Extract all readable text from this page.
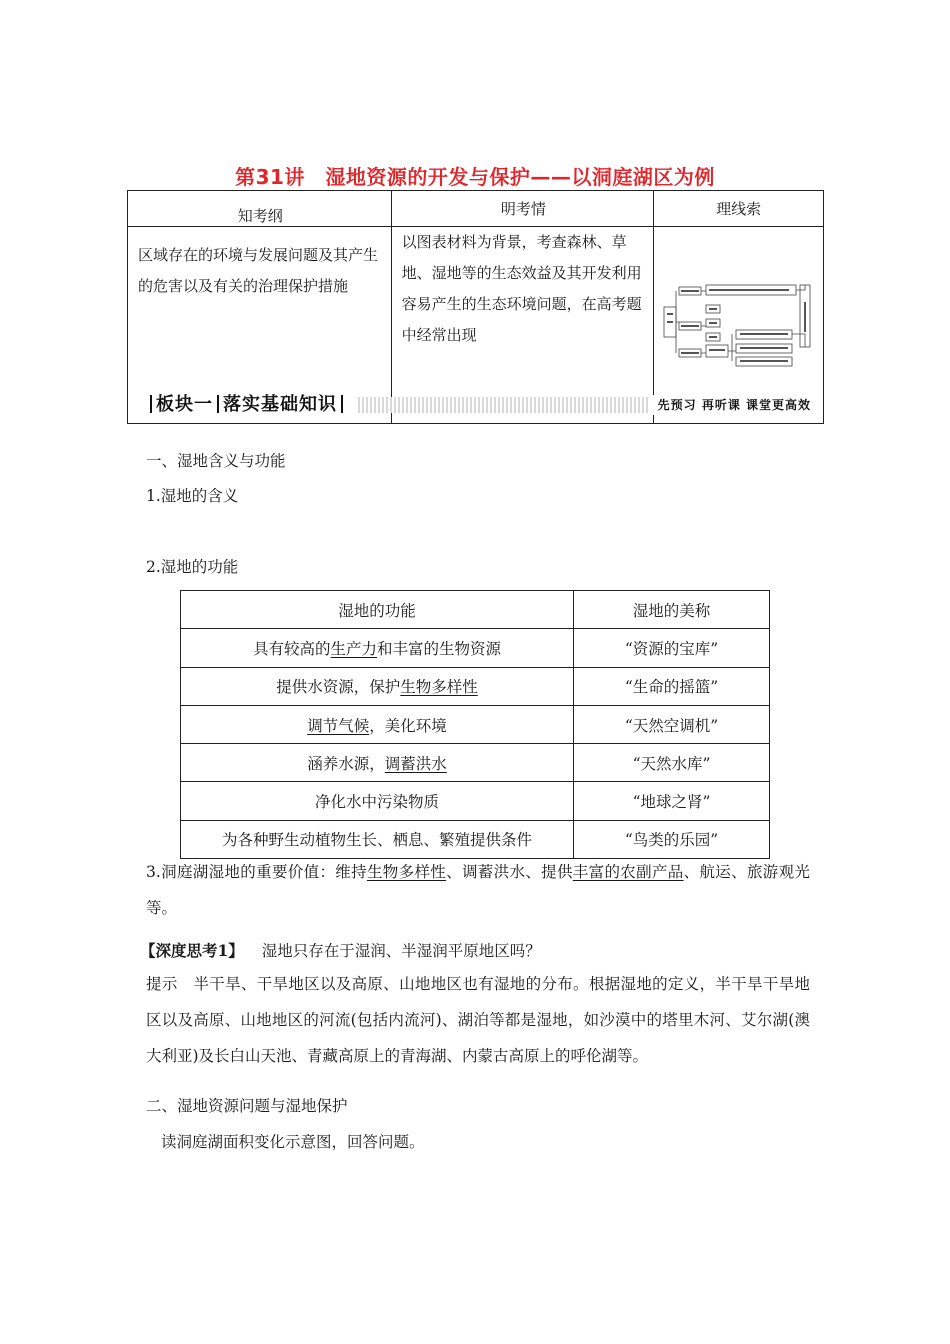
第31讲　湿地资源的开发与保护——以洞庭湖区为例
知考纲	明考情	理线索
区域存在的环境与发展问题及其产生的危害以及有关的治理保护措施	以图表材料为背景，考查森林、草地、湿地等的生态效益及其开发利用容易产生的生态环境问题，在高考题中经常出现	
板块一 落实基础知识	先预习 再听课 课堂更高效
一、湿地含义与功能
1.湿地的含义
2.湿地的功能
湿地的功能	湿地的美称
具有较高的生产力和丰富的生物资源	“资源的宝库”
提供水资源，保护生物多样性	“生命的摇篮”
调节气候，美化环境	“天然空调机”
涵养水源，调蓄洪水	“天然水库”
净化水中污染物质	“地球之肾”
为各种野生动植物生长、栖息、繁殖提供条件	“鸟类的乐园”
3.洞庭湖湿地的重要价值：维持生物多样性、调蓄洪水、提供丰富的农副产品、航运、旅游观光等。
【深度思考1】 湿地只存在于湿润、半湿润平原地区吗？
提示　半干旱、干旱地区以及高原、山地地区也有湿地的分布。根据湿地的定义，半干旱干旱地区以及高原、山地地区的河流(包括内流河)、湖泊等都是湿地，如沙漠中的塔里木河、艾尔湖(澳大利亚)及长白山天池、青藏高原上的青海湖、内蒙古高原上的呼伦湖等。
二、湿地资源问题与湿地保护
读洞庭湖面积变化示意图，回答问题。
